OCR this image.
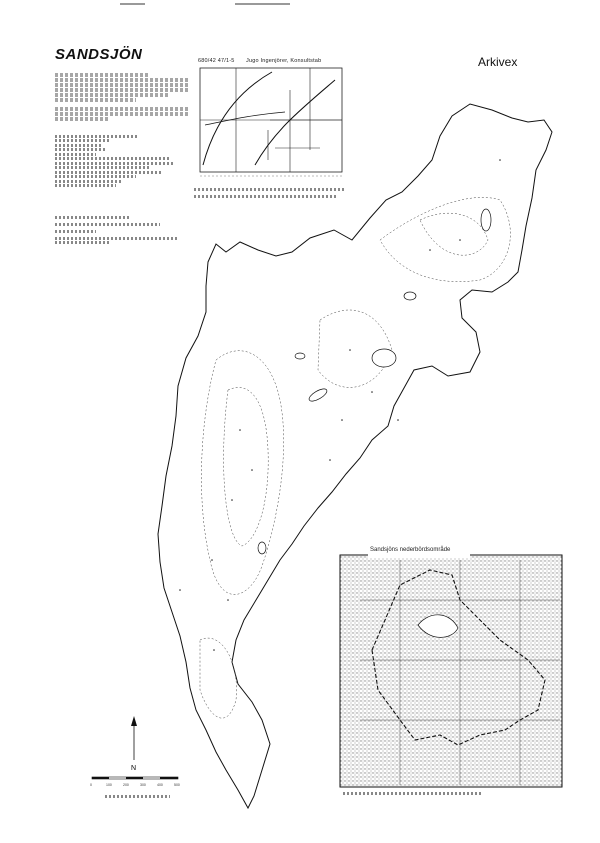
SANDSJÖN	Arkivex
680/42 47/1-5 Jugo Ingenjörer, Konsultstab
N
0	100	200	300	400	500
Sandsjöns nederbördsområde
